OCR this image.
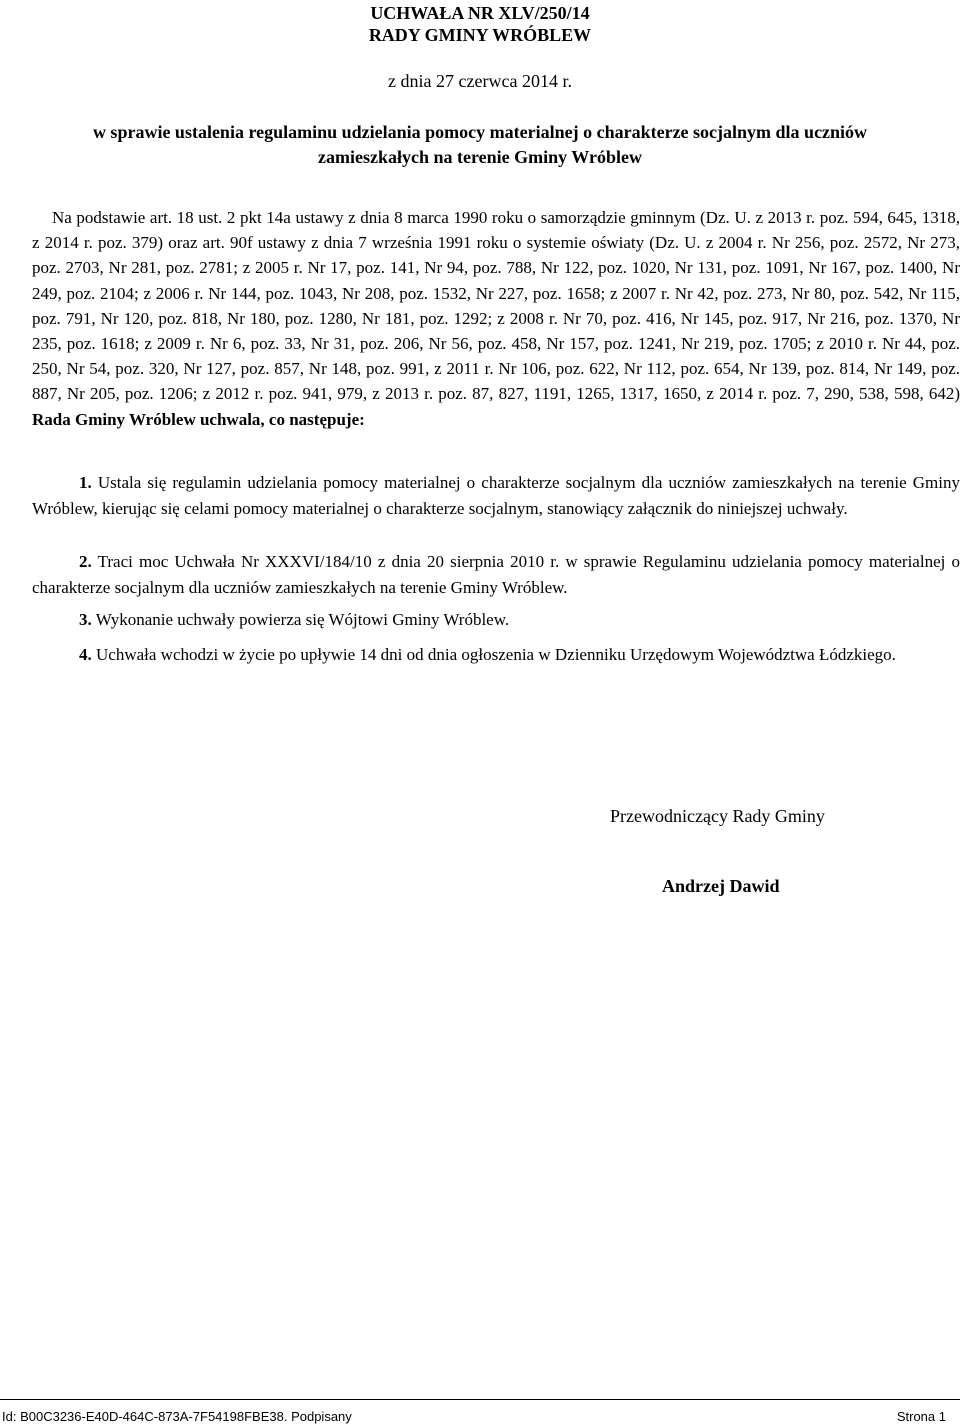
UCHWAŁA NR XLV/250/14
RADY GMINY WRÓBLEW
z dnia 27 czerwca 2014 r.
w sprawie ustalenia regulaminu udzielania pomocy materialnej o charakterze socjalnym dla uczniów
zamieszkałych na terenie Gminy Wróblew
Na podstawie art. 18 ust. 2 pkt 14a ustawy z dnia 8 marca 1990 roku o samorządzie gminnym (Dz. U. z 2013 r. poz. 594, 645, 1318, z 2014 r. poz. 379) oraz art. 90f ustawy z dnia 7 września 1991 roku o systemie oświaty (Dz. U. z 2004 r. Nr 256, poz. 2572, Nr 273, poz. 2703, Nr 281, poz. 2781; z 2005 r. Nr 17, poz. 141, Nr 94, poz. 788, Nr 122, poz. 1020, Nr 131, poz. 1091, Nr 167, poz. 1400, Nr 249, poz. 2104; z 2006 r. Nr 144, poz. 1043, Nr 208, poz. 1532, Nr 227, poz. 1658; z 2007 r. Nr 42, poz. 273, Nr 80, poz. 542, Nr 115, poz. 791, Nr 120, poz. 818, Nr 180, poz. 1280, Nr 181, poz. 1292; z 2008 r. Nr 70, poz. 416, Nr 145, poz. 917, Nr 216, poz. 1370, Nr 235, poz. 1618; z 2009 r. Nr 6, poz. 33, Nr 31, poz. 206, Nr 56, poz. 458, Nr 157, poz. 1241, Nr 219, poz. 1705; z 2010 r. Nr 44, poz. 250, Nr 54, poz. 320, Nr 127, poz. 857, Nr 148, poz. 991, z 2011 r. Nr 106, poz. 622, Nr 112, poz. 654, Nr 139, poz. 814, Nr 149, poz. 887, Nr 205, poz. 1206; z 2012 r. poz. 941, 979, z 2013 r. poz. 87, 827, 1191, 1265, 1317, 1650, z 2014 r. poz. 7, 290, 538, 598, 642) Rada Gminy Wróblew uchwala, co następuje:
1. Ustala się regulamin udzielania pomocy materialnej o charakterze socjalnym dla uczniów zamieszkałych na terenie Gminy Wróblew, kierując się celami pomocy materialnej o charakterze socjalnym, stanowiący załącznik do niniejszej uchwały.
2. Traci moc Uchwała Nr XXXVI/184/10 z dnia 20 sierpnia 2010 r. w sprawie Regulaminu udzielania pomocy materialnej o charakterze socjalnym dla uczniów zamieszkałych na terenie Gminy Wróblew.
3. Wykonanie uchwały powierza się Wójtowi Gminy Wróblew.
4. Uchwała wchodzi w życie po upływie 14 dni od dnia ogłoszenia w Dzienniku Urzędowym Województwa Łódzkiego.
Przewodniczący Rady Gminy
Andrzej Dawid
Id: B00C3236-E40D-464C-873A-7F54198FBE38. Podpisany	Strona 1
